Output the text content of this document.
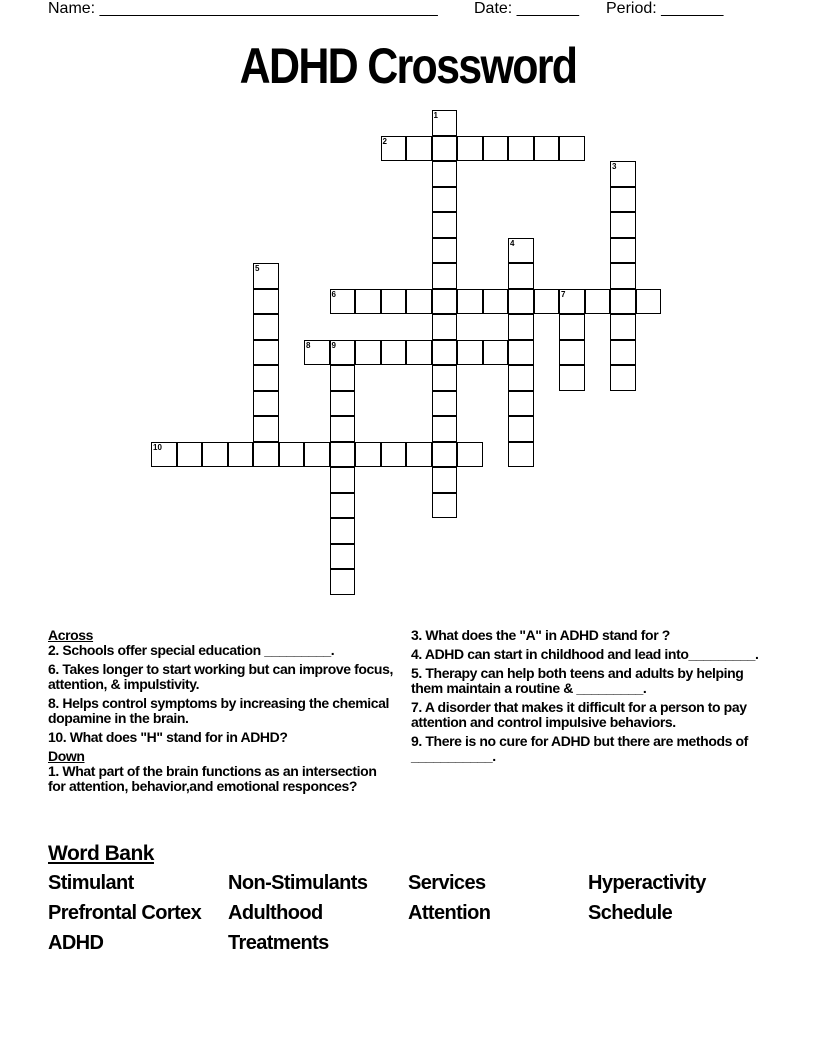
Name: ______________________________________ Date: _______ Period: _______
ADHD Crossword
1
2
3
4
5
6	7
8	9
10
Across
2. Schools offer special education _________.
6. Takes longer to start working but can improve focus, attention, & impulstivity.
8. Helps control symptoms by increasing the chemical dopamine in the brain.
10. What does "H" stand for in ADHD?
Down
1. What part of the brain functions as an intersection for attention, behavior,and emotional responces?
3. What does the "A" in ADHD stand for ?
4. ADHD can start in childhood and lead into_________.
5. Therapy can help both teens and adults by helping them maintain a routine & _________.
7. A disorder that makes it difficult for a person to pay attention and control impulsive behaviors.
9. There is no cure for ADHD but there are methods of ___________.
Word Bank
Stimulant	Non-Stimulants	Services	Hyperactivity
Prefrontal Cortex	Adulthood	Attention	Schedule
ADHD	Treatments
